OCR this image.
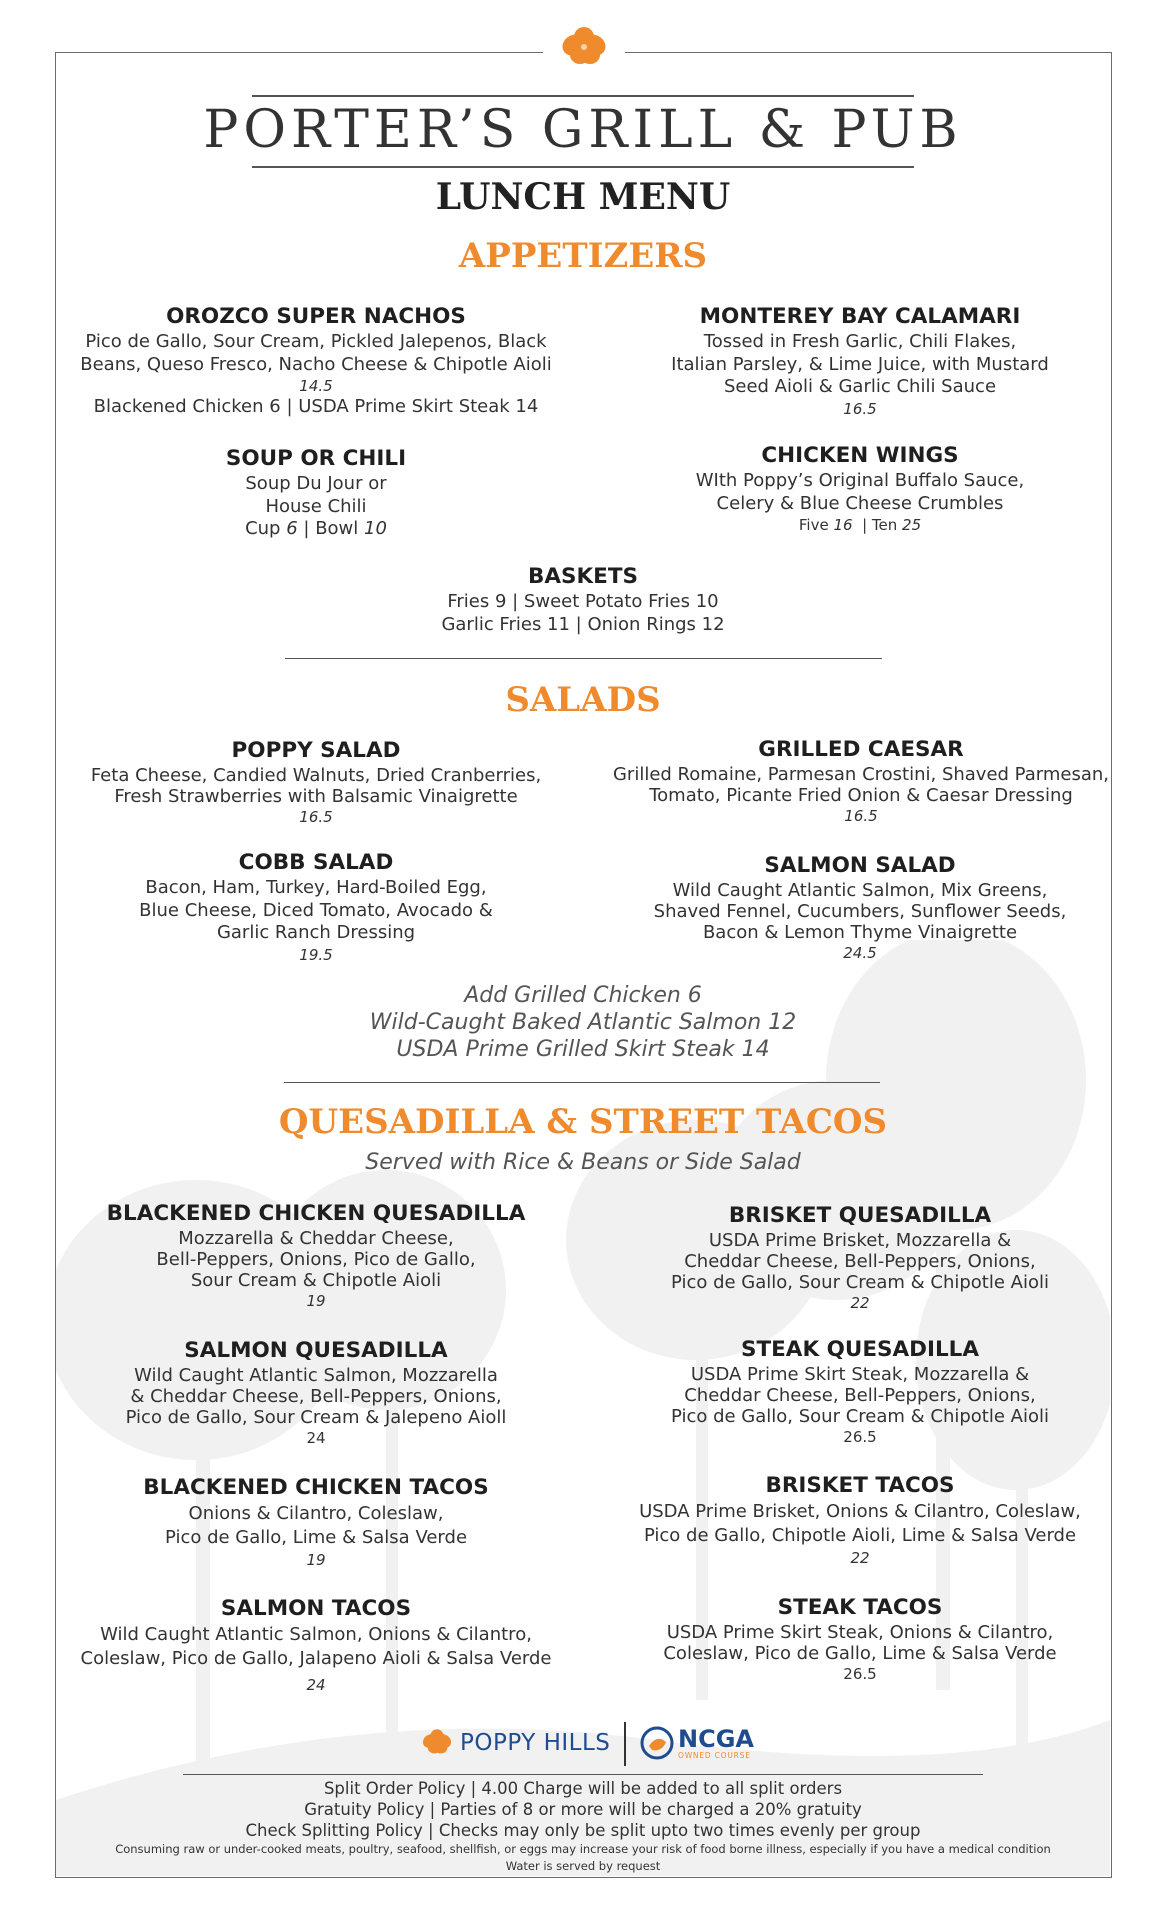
PORTER’S GRILL & PUB
LUNCH MENU
APPETIZERS
OROZCO SUPER NACHOS
Pico de Gallo, Sour Cream, Pickled Jalepenos, Black
Beans, Queso Fresco, Nacho Cheese & Chipotle Aioli
14.5
Blackened Chicken 6 | USDA Prime Skirt Steak 14
MONTEREY BAY CALAMARI
Tossed in Fresh Garlic, Chili Flakes,
Italian Parsley, & Lime Juice, with Mustard
Seed Aioli & Garlic Chili Sauce
16.5
SOUP OR CHILI
Soup Du Jour or
House Chili
Cup 6 | Bowl 10
CHICKEN WINGS
WIth Poppy’s Original Buffalo Sauce,
Celery & Blue Cheese Crumbles
Five 16  | Ten 25
BASKETS
Fries 9 | Sweet Potato Fries 10
Garlic Fries 11 | Onion Rings 12
SALADS
POPPY SALAD
Feta Cheese, Candied Walnuts, Dried Cranberries,
Fresh Strawberries with Balsamic Vinaigrette
16.5
GRILLED CAESAR
Grilled Romaine, Parmesan Crostini, Shaved Parmesan,
Tomato, Picante Fried Onion & Caesar Dressing
16.5
COBB SALAD
Bacon, Ham, Turkey, Hard-Boiled Egg,
Blue Cheese, Diced Tomato, Avocado &
Garlic Ranch Dressing
19.5
SALMON SALAD
Wild Caught Atlantic Salmon, Mix Greens,
Shaved Fennel, Cucumbers, Sunflower Seeds,
Bacon & Lemon Thyme Vinaigrette
24.5
Add Grilled Chicken 6
Wild-Caught Baked Atlantic Salmon 12
USDA Prime Grilled Skirt Steak 14
QUESADILLA & STREET TACOS
Served with Rice & Beans or Side Salad
BLACKENED CHICKEN QUESADILLA
Mozzarella & Cheddar Cheese,
Bell-Peppers, Onions, Pico de Gallo,
Sour Cream & Chipotle Aioli
19
BRISKET QUESADILLA
USDA Prime Brisket, Mozzarella &
Cheddar Cheese, Bell-Peppers, Onions,
Pico de Gallo, Sour Cream & Chipotle Aioli
22
SALMON QUESADILLA
Wild Caught Atlantic Salmon, Mozzarella
& Cheddar Cheese, Bell-Peppers, Onions,
Pico de Gallo, Sour Cream & Jalepeno Aioll
24
STEAK QUESADILLA
USDA Prime Skirt Steak, Mozzarella &
Cheddar Cheese, Bell-Peppers, Onions,
Pico de Gallo, Sour Cream & Chipotle Aioli
26.5
BLACKENED CHICKEN TACOS
Onions & Cilantro, Coleslaw,
Pico de Gallo, Lime & Salsa Verde
19
BRISKET TACOS
USDA Prime Brisket, Onions & Cilantro, Coleslaw,
Pico de Gallo, Chipotle Aioli, Lime & Salsa Verde
22
SALMON TACOS
Wild Caught Atlantic Salmon, Onions & Cilantro,
Coleslaw, Pico de Gallo, Jalapeno Aioli & Salsa Verde
24
STEAK TACOS
USDA Prime Skirt Steak, Onions & Cilantro,
Coleslaw, Pico de Gallo, Lime & Salsa Verde
26.5
POPPY HILLS	NCGA
OWNED COURSE
Split Order Policy | 4.00 Charge will be added to all split orders
Gratuity Policy | Parties of 8 or more will be charged a 20% gratuity
Check Splitting Policy | Checks may only be split upto two times evenly per group
Consuming raw or under-cooked meats, poultry, seafood, shellfish, or eggs may increase your risk of food borne illness, especially if you have a medical condition
Water is served by request
